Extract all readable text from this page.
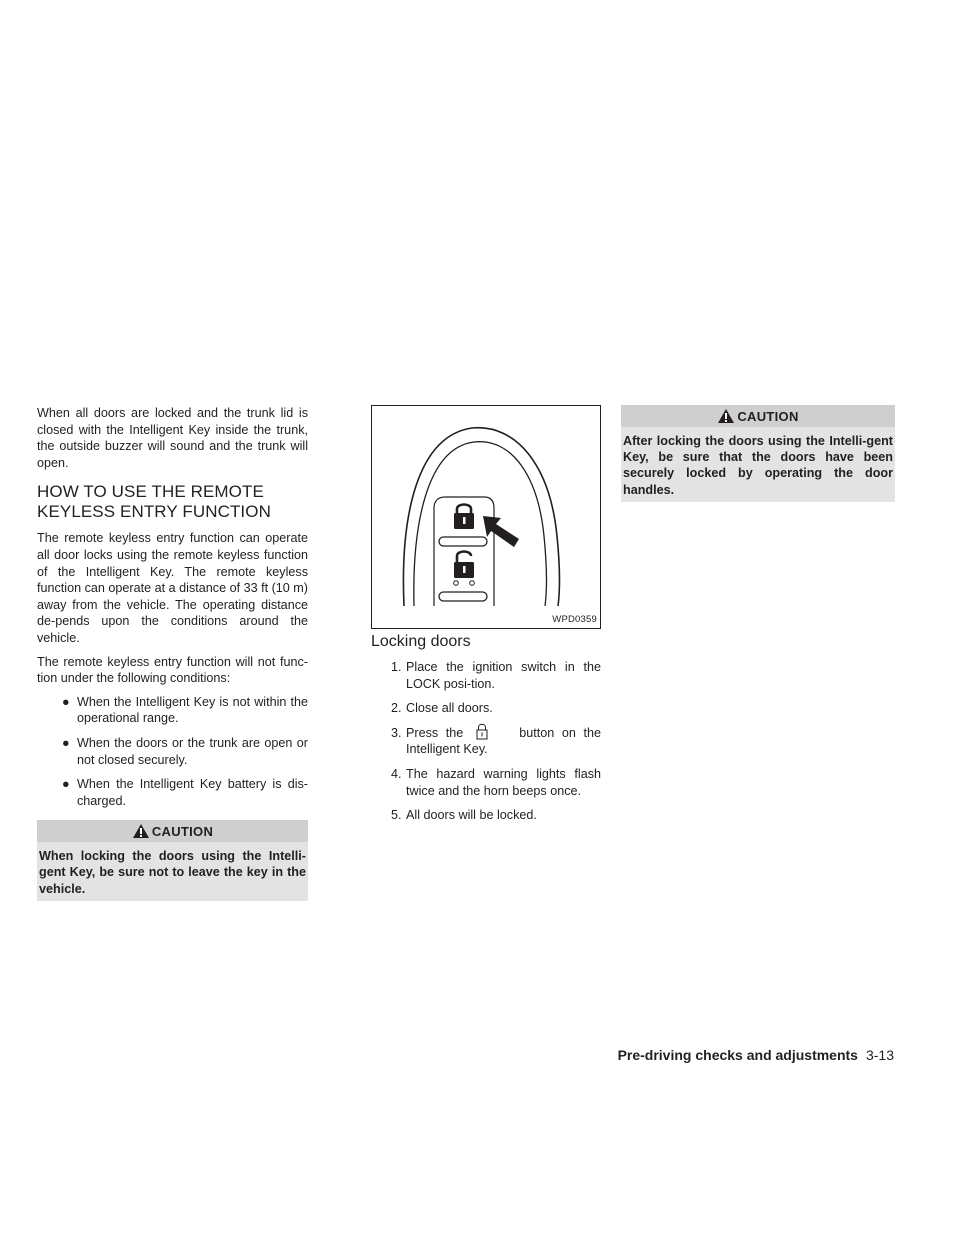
When all doors are locked and the trunk lid is closed with the Intelligent Key inside the trunk, the outside buzzer will sound and the trunk will open.

HOW TO USE THE REMOTE
KEYLESS ENTRY FUNCTION

The remote keyless entry function can operate all door locks using the remote keyless function of the Intelligent Key. The remote keyless function can operate at a distance of 33 ft (10 m) away from the vehicle. The operating distance de-pends upon the conditions around the vehicle.

The remote keyless entry function will not func-tion under the following conditions:

● When the Intelligent Key is not within the operational range.
● When the doors or the trunk are open or not closed securely.
● When the Intelligent Key battery is dis-charged.
CAUTION
When locking the doors using the Intelli-gent Key, be sure not to leave the key in the vehicle.
WPD0359
Locking doors
1. Place the ignition switch in the LOCK posi-tion.
2. Close all doors.
3. Press the	button on the Intelligent Key.
4. The hazard warning lights flash twice and the horn beeps once.
5. All doors will be locked.
CAUTION
After locking the doors using the Intelli-gent Key, be sure that the doors have been securely locked by operating the door handles.
Pre-driving checks and adjustments 3-13
